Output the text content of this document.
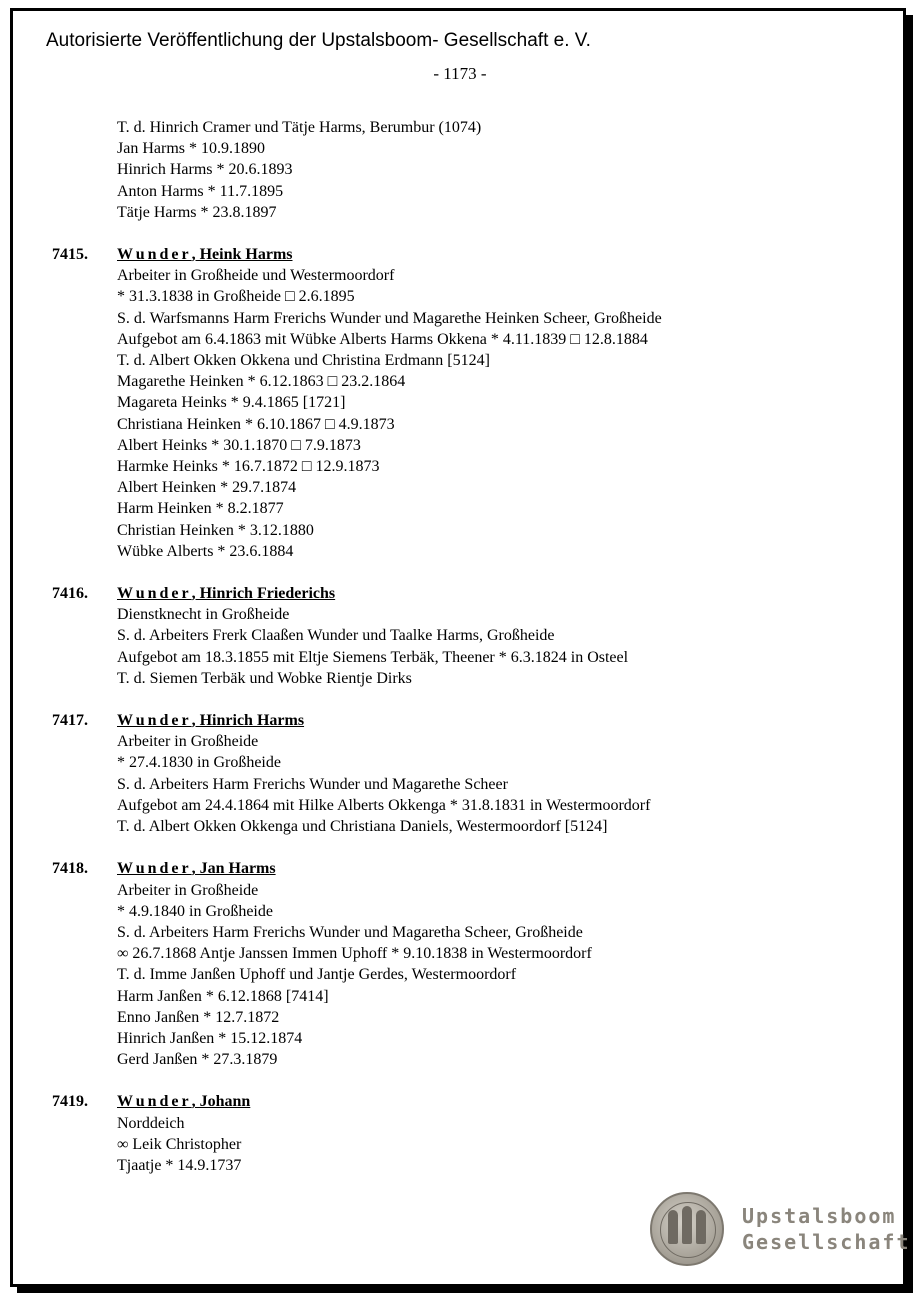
Autorisierte Veröffentlichung der Upstalsboom- Gesellschaft e. V.
- 1173 -
T. d. Hinrich Cramer und Tätje Harms, Berumbur (1074)
Jan Harms * 10.9.1890
Hinrich Harms * 20.6.1893
Anton Harms * 11.7.1895
Tätje Harms * 23.8.1897
7415.	Wunder, Heink Harms
Arbeiter in Großheide und Westermoordorf
* 31.3.1838 in Großheide □ 2.6.1895
S. d. Warfsmanns Harm Frerichs Wunder und Magarethe Heinken Scheer, Großheide
Aufgebot am 6.4.1863 mit Wübke Alberts Harms Okkena * 4.11.1839 □ 12.8.1884
T. d. Albert Okken Okkena und Christina Erdmann [5124]
Magarethe Heinken * 6.12.1863 □ 23.2.1864
Magareta Heinks * 9.4.1865 [1721]
Christiana Heinken * 6.10.1867 □ 4.9.1873
Albert Heinks * 30.1.1870 □ 7.9.1873
Harmke Heinks * 16.7.1872 □ 12.9.1873
Albert Heinken * 29.7.1874
Harm Heinken * 8.2.1877
Christian Heinken * 3.12.1880
Wübke Alberts * 23.6.1884
7416.	Wunder, Hinrich Friederichs
Dienstknecht in Großheide
S. d. Arbeiters Frerk Claaßen Wunder und Taalke Harms, Großheide
Aufgebot am 18.3.1855 mit Eltje Siemens Terbäk, Theener * 6.3.1824 in Osteel
T. d. Siemen Terbäk und Wobke Rientje Dirks
7417.	Wunder, Hinrich Harms
Arbeiter in Großheide
* 27.4.1830 in Großheide
S. d. Arbeiters Harm Frerichs Wunder und Magarethe Scheer
Aufgebot am 24.4.1864 mit Hilke Alberts Okkenga * 31.8.1831 in Westermoordorf
T. d. Albert Okken Okkenga und Christiana Daniels, Westermoordorf [5124]
7418.	Wunder, Jan Harms
Arbeiter in Großheide
* 4.9.1840 in Großheide
S. d. Arbeiters Harm Frerichs Wunder und Magaretha Scheer, Großheide
∞ 26.7.1868 Antje Janssen Immen Uphoff * 9.10.1838 in Westermoordorf
T. d. Imme Janßen Uphoff und Jantje Gerdes, Westermoordorf
Harm Janßen * 6.12.1868 [7414]
Enno Janßen * 12.7.1872
Hinrich Janßen * 15.12.1874
Gerd Janßen * 27.3.1879
7419.	Wunder, Johann
Norddeich
∞ Leik Christopher
Tjaatje * 14.9.1737
Upstalsboom
Gesellschaft
